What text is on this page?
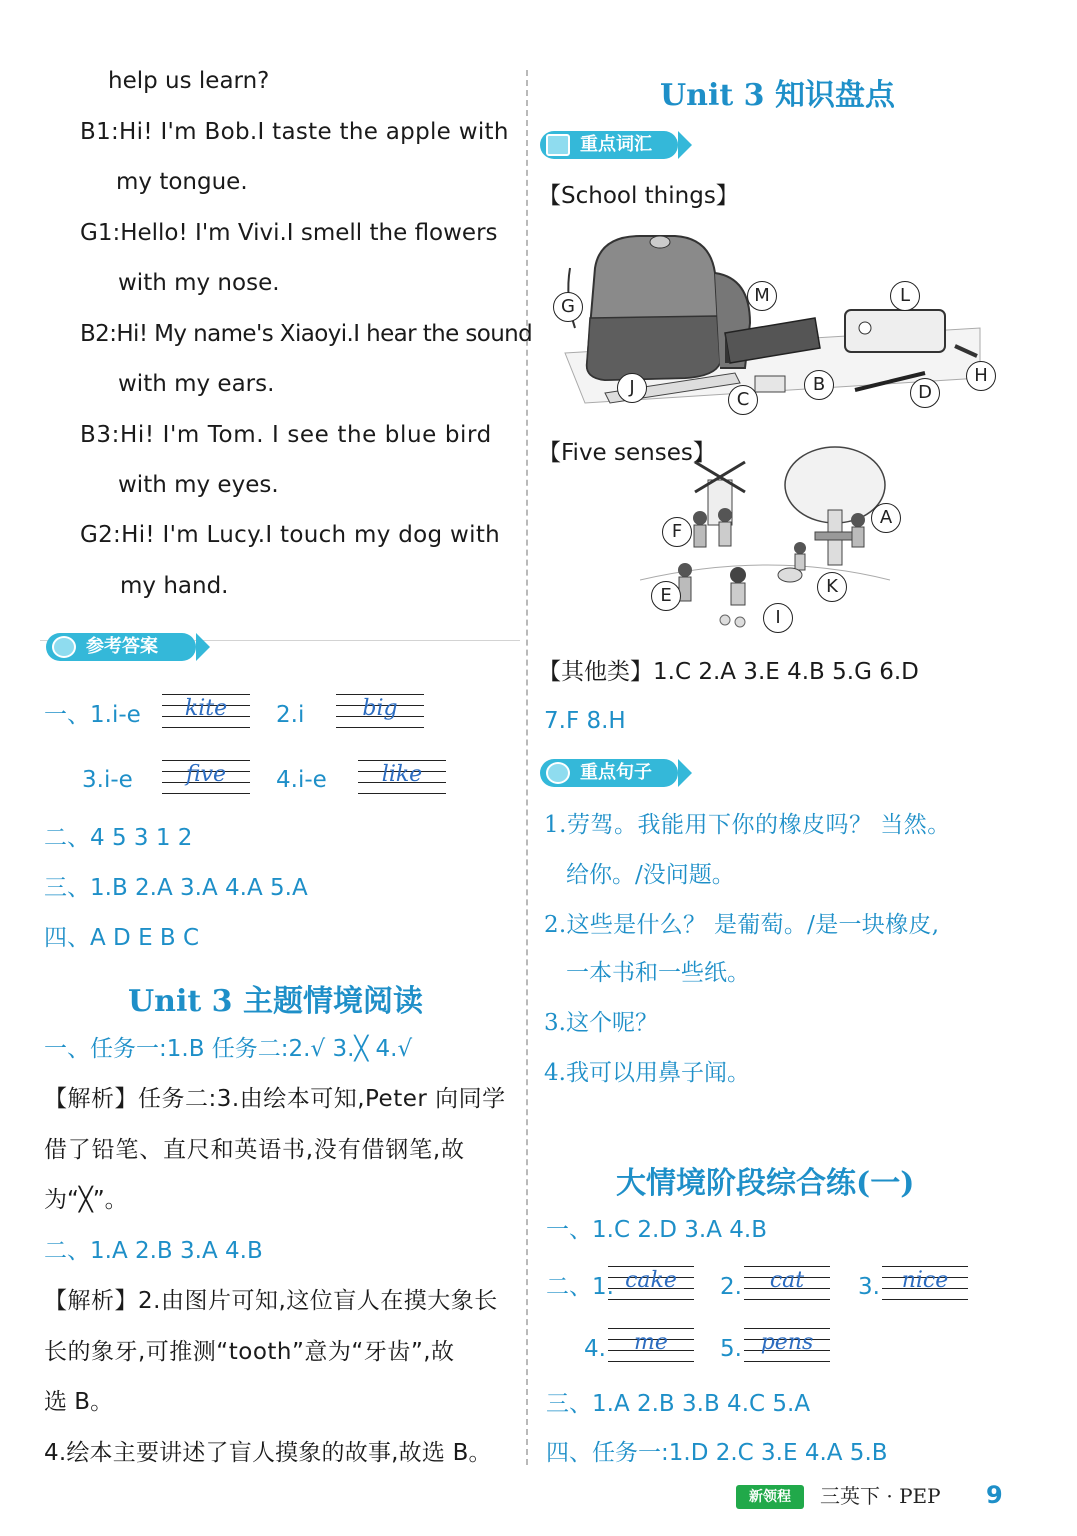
help us learn?
B1:Hi! I'm Bob.I taste the apple with
my tongue.
G1:Hello! I'm Vivi.I smell the flowers
with my nose.
B2:Hi! My name's Xiaoyi.I hear the sound
with my ears.
B3:Hi! I'm Tom. I see the blue bird
with my eyes.
G2:Hi! I'm Lucy.I touch my dog with
my hand.
参考答案
一、1.i-e	kite	2.i	big
3.i-e	five	4.i-e	like
二、4 5 3 1 2
三、1.B 2.A 3.A 4.A 5.A
四、A D E B C
Unit 3 主题情境阅读
一、任务一:1.B 任务二:2.√ 3.╳ 4.√
【解析】任务二:3.由绘本可知,Peter 向同学
借了铅笔、直尺和英语书,没有借钢笔,故
为“╳”。
二、1.A 2.B 3.A 4.B
【解析】2.由图片可知,这位盲人在摸大象长
长的象牙,可推测“tooth”意为“牙齿”,故
选 B。
4.绘本主要讲述了盲人摸象的故事,故选 B。
Unit 3 知识盘点
重点词汇
【School things】
G
M	L
J
C
B	D
H
【Five senses】
F
A
E	K
I
【其他类】1.C 2.A 3.E 4.B 5.G 6.D
7.F 8.H
重点句子
1.劳驾。我能用下你的橡皮吗？ 当然。
给你。/没问题。
2.这些是什么？ 是葡萄。/是一块橡皮,
一本书和一些纸。
3.这个呢？
4.我可以用鼻子闻。
大情境阶段综合练(一)
一、1.C 2.D 3.A 4.B
二、1. cake	2.	cat	3. nice
4.	me	5. pens
三、1.A 2.B 3.B 4.C 5.A
四、任务一:1.D 2.C 3.E 4.A 5.B
新领程	三英下 · PEP 9
